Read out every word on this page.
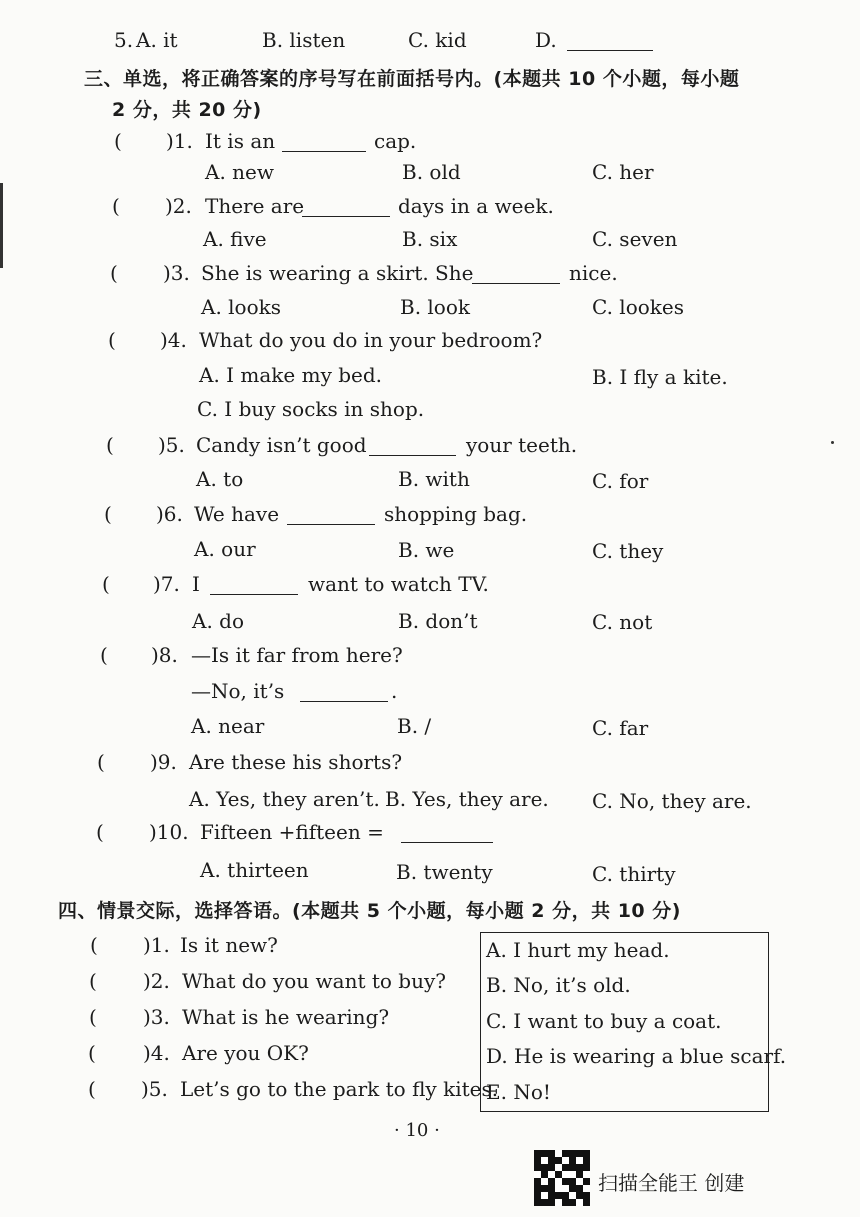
5. A. it	B. listen	C. kid	D.
三、单选，将正确答案的序号写在前面括号内。(本题共 10 个小题，每小题
2 分，共 20 分)
( )1. It is an	cap.
A. new	B. old	C. her
( )2. There are	days in a week.
A. five	B. six	C. seven
( )3. She is wearing a skirt. She	nice.
A. looks	B. look	C. lookes
( )4. What do you do in your bedroom?
A. I make my bed.	B. I fly a kite.
C. I buy socks in shop.
( )5. Candy isn’t good	your teeth.
A. to	B. with	C. for
( )6. We have	shopping bag.
A. our	B. we	C. they
( )7. I	want to watch TV.
A. do	B. don’t	C. not
( )8. —Is it far from here?
—No, it’s	.
A. near	B. /	C. far
( )9. Are these his shorts?
A. Yes, they aren’t. B. Yes, they are. C. No, they are.
( )10. Fifteen +fifteen =
A. thirteen	B. twenty	C. thirty
四、情景交际，选择答语。(本题共 5 个小题，每小题 2 分，共 10 分)
( )1. Is it new?
( )2. What do you want to buy?
( )3. What is he wearing?
( )4. Are you OK?
( )5. Let’s go to the park to fly kites.
A. I hurt my head.
B. No, it’s old.
C. I want to buy a coat.
D. He is wearing a blue scarf.
E. No!
· 10 ·
扫描全能王 创建
